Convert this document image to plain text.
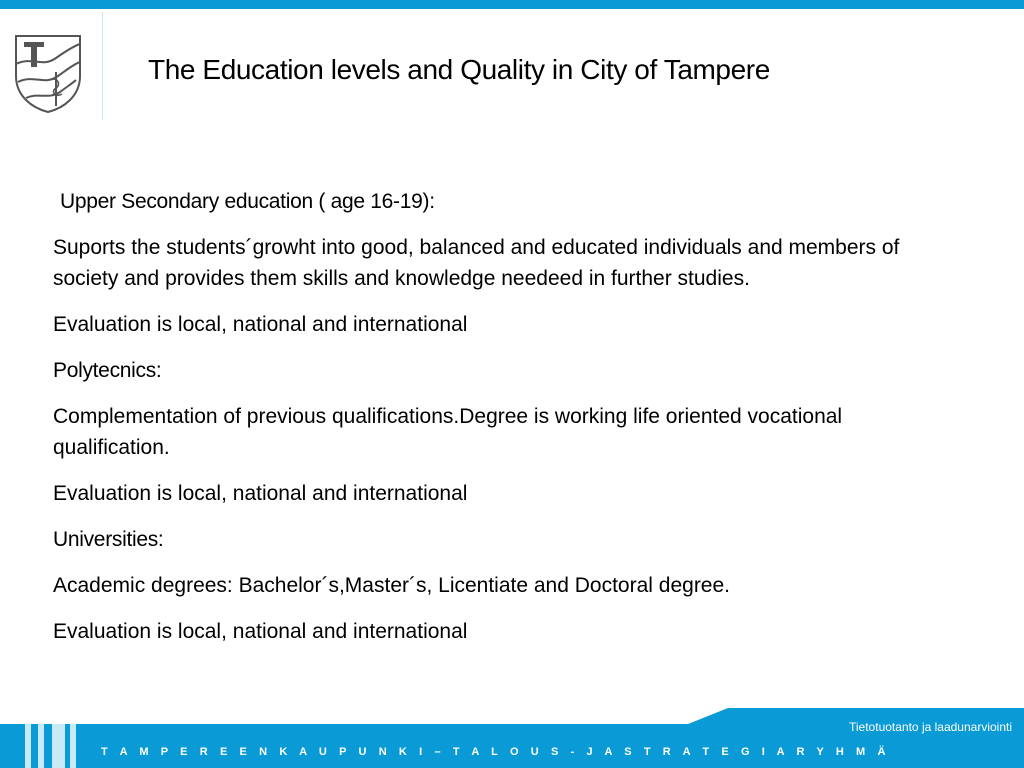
The Education levels and Quality in City of Tampere

Upper Secondary education ( age 16-19):

Suports the students´growht into good, balanced and educated individuals and members of society and provides them skills and knowledge needeed in further studies.

Evaluation is local, national and international

Polytecnics:

Complementation of previous qualifications.Degree is working life oriented vocational qualification.

Evaluation is local, national and international

Universities:

Academic degrees: Bachelor´s,Master´s, Licentiate and Doctoral degree.

Evaluation is local, national and international

Tietotuotanto ja laadunarviointi
T A M P E R E E N K A U P U N K I – T A L O U S - J A S T R A T E G I A R Y H M Ä
